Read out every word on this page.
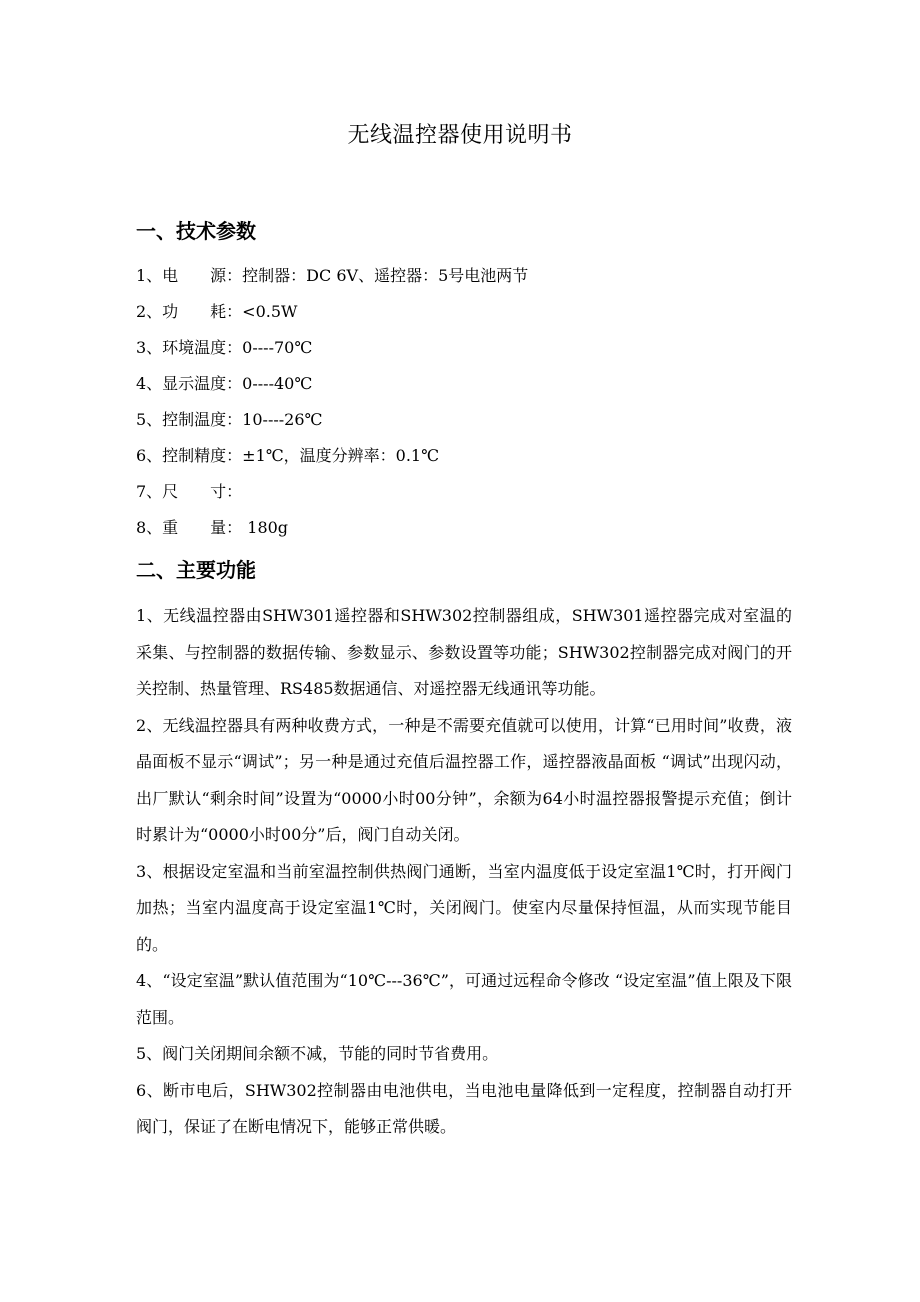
无线温控器使用说明书
一、技术参数
1、电　　源：控制器：DC 6V、遥控器：5号电池两节
2、功　　耗：<0.5W
3、环境温度：0----70℃
4、显示温度：0----40℃
5、控制温度：10----26℃
6、控制精度：±1℃，温度分辨率：0.1℃
7、尺　　寸：
8、重　　量： 180g
二、主要功能

1、无线温控器由SHW301遥控器和SHW302控制器组成，SHW301遥控器完成对室温的采集、与控制器的数据传输、参数显示、参数设置等功能；SHW302控制器完成对阀门的开关控制、热量管理、RS485数据通信、对遥控器无线通讯等功能。

2、无线温控器具有两种收费方式，一种是不需要充值就可以使用，计算“已用时间”收费，液晶面板不显示“调试”；另一种是通过充值后温控器工作，遥控器液晶面板 “调试”出现闪动，出厂默认“剩余时间”设置为“0000小时00分钟”，余额为64小时温控器报警提示充值；倒计时累计为“0000小时00分”后，阀门自动关闭。

3、根据设定室温和当前室温控制供热阀门通断，当室内温度低于设定室温1℃时，打开阀门加热；当室内温度高于设定室温1℃时，关闭阀门。使室内尽量保持恒温，从而实现节能目的。

4、“设定室温”默认值范围为“10℃---36℃”，可通过远程命令修改 “设定室温”值上限及下限范围。

5、阀门关闭期间余额不减，节能的同时节省费用。

6、断市电后，SHW302控制器由电池供电，当电池电量降低到一定程度，控制器自动打开阀门，保证了在断电情况下，能够正常供暖。
